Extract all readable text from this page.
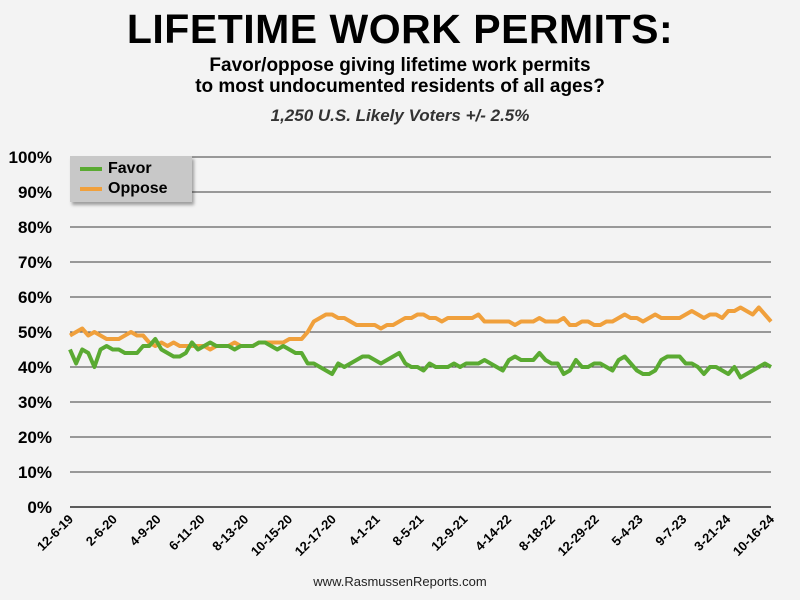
LIFETIME WORK PERMITS:
Favor/oppose giving lifetime work permits
to most undocumented residents of all ages?
1,250 U.S. Likely Voters +/- 2.5%
0%
10%
20%
30%
40%
50%
60%
70%
80%
90%
100%
12-6-19 2-6-20 4-9-20 6-11-20 8-13-20
10-15-20
12-17-20 4-1-21 8-5-21 12-9-21 4-14-22 8-18-22
12-29-22 5-4-23 9-7-23 3-21-24
10-16-24
Favor
Oppose
www.RasmussenReports.com
